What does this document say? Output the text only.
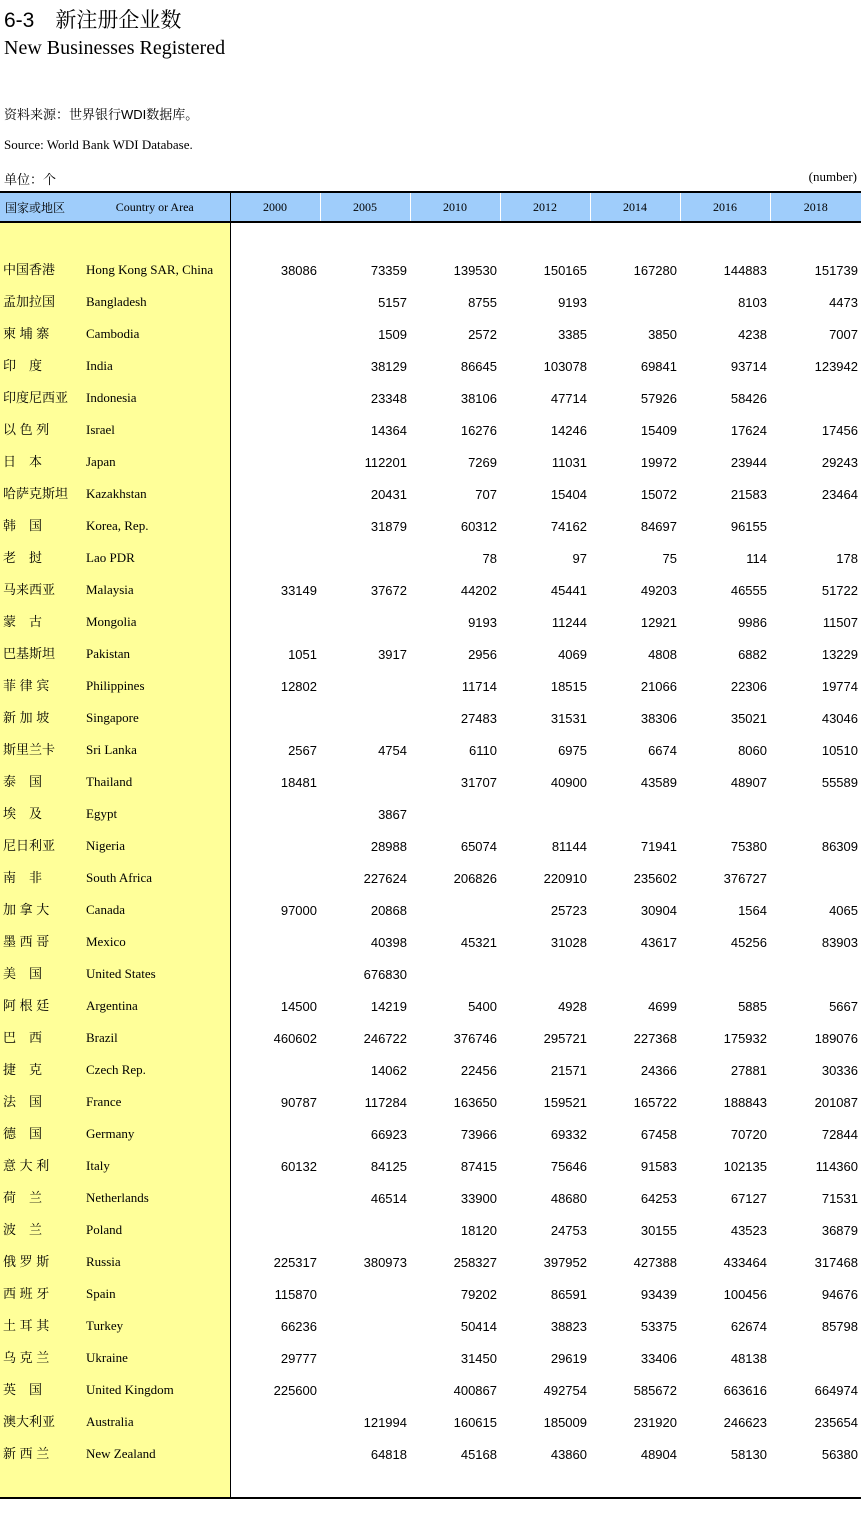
6-3　新注册企业数
New Businesses Registered
资料来源：世界银行WDI数据库。
Source: World Bank WDI Database.
单位：个	(number)
国家或地区	Country or Area	2000	2005	2010	2012	2014	2016	2018

中国香港	Hong Kong SAR, China	38086	73359	139530	150165	167280	144883	151739
孟加拉国	Bangladesh		5157	8755	9193		8103	4473
柬 埔 寨	Cambodia		1509	2572	3385	3850	4238	7007
印　度	India		38129	86645	103078	69841	93714	123942
印度尼西亚	Indonesia		23348	38106	47714	57926	58426	
以 色 列	Israel		14364	16276	14246	15409	17624	17456
日　本	Japan		112201	7269	11031	19972	23944	29243
哈萨克斯坦	Kazakhstan		20431	707	15404	15072	21583	23464
韩　国	Korea, Rep.		31879	60312	74162	84697	96155	
老　挝	Lao PDR			78	97	75	114	178
马来西亚	Malaysia	33149	37672	44202	45441	49203	46555	51722
蒙　古	Mongolia			9193	11244	12921	9986	11507
巴基斯坦	Pakistan	1051	3917	2956	4069	4808	6882	13229
菲 律 宾	Philippines	12802		11714	18515	21066	22306	19774
新 加 坡	Singapore			27483	31531	38306	35021	43046
斯里兰卡	Sri Lanka	2567	4754	6110	6975	6674	8060	10510
泰　国	Thailand	18481		31707	40900	43589	48907	55589
埃　及	Egypt		3867					
尼日利亚	Nigeria		28988	65074	81144	71941	75380	86309
南　非	South Africa		227624	206826	220910	235602	376727	
加 拿 大	Canada	97000	20868		25723	30904	1564	4065
墨 西 哥	Mexico		40398	45321	31028	43617	45256	83903
美　国	United States		676830					
阿 根 廷	Argentina	14500	14219	5400	4928	4699	5885	5667
巴　西	Brazil	460602	246722	376746	295721	227368	175932	189076
捷　克	Czech Rep.		14062	22456	21571	24366	27881	30336
法　国	France	90787	117284	163650	159521	165722	188843	201087
德　国	Germany		66923	73966	69332	67458	70720	72844
意 大 利	Italy	60132	84125	87415	75646	91583	102135	114360
荷　兰	Netherlands		46514	33900	48680	64253	67127	71531
波　兰	Poland			18120	24753	30155	43523	36879
俄 罗 斯	Russia	225317	380973	258327	397952	427388	433464	317468
西 班 牙	Spain	115870		79202	86591	93439	100456	94676
土 耳 其	Turkey	66236		50414	38823	53375	62674	85798
乌 克 兰	Ukraine	29777		31450	29619	33406	48138	
英　国	United Kingdom	225600		400867	492754	585672	663616	664974
澳大利亚	Australia		121994	160615	185009	231920	246623	235654
新 西 兰	New Zealand		64818	45168	43860	48904	58130	56380
